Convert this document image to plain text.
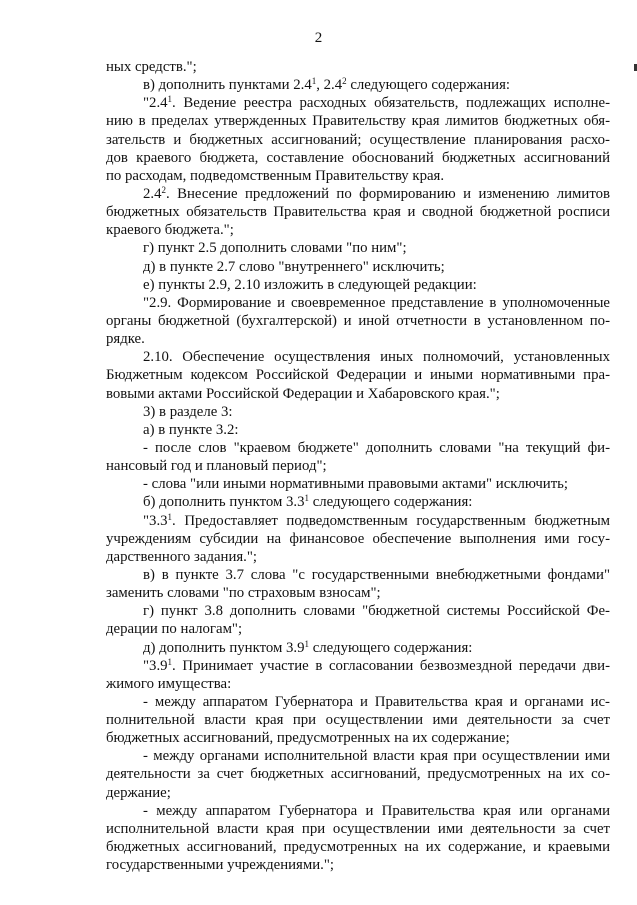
2
ных средств.";
в) дополнить пунктами $2.4^1$, $2.4^2$ следующего содержания:
"$2.4^1$. Ведение реестра расходных обязательств, подлежащих исполне-
нию в пределах утвержденных Правительству края лимитов бюджетных обя-
зательств и бюджетных ассигнований; осуществление планирования расхо-
дов краевого бюджета, составление обоснований бюджетных ассигнований
по расходам, подведомственным Правительству края.
$2.4^2$. Внесение предложений по формированию и изменению лимитов
бюджетных обязательств Правительства края и сводной бюджетной росписи
краевого бюджета.";
г) пункт 2.5 дополнить словами "по ним";
д) в пункте 2.7 слово "внутреннего" исключить;
е) пункты 2.9, 2.10 изложить в следующей редакции:
"2.9. Формирование и своевременное представление в уполномоченные
органы бюджетной (бухгалтерской) и иной отчетности в установленном по-
рядке.
2.10. Обеспечение осуществления иных полномочий, установленных
Бюджетным кодексом Российской Федерации и иными нормативными пра-
вовыми актами Российской Федерации и Хабаровского края.";
3) в разделе 3:
а) в пункте 3.2:
- после слов "краевом бюджете" дополнить словами "на текущий фи-
нансовый год и плановый период";
- слова "или иными нормативными правовыми актами" исключить;
б) дополнить пунктом $3.3^1$ следующего содержания:
"$3.3^1$. Предоставляет подведомственным государственным бюджетным
учреждениям субсидии на финансовое обеспечение выполнения ими госу-
дарственного задания.";
в) в пункте 3.7 слова "с государственными внебюджетными фондами"
заменить словами "по страховым взносам";
г) пункт 3.8 дополнить словами "бюджетной системы Российской Фе-
дерации по налогам";
д) дополнить пунктом $3.9^1$ следующего содержания:
"$3.9^1$. Принимает участие в согласовании безвозмездной передачи дви-
жимого имущества:
- между аппаратом Губернатора и Правительства края и органами ис-
полнительной власти края при осуществлении ими деятельности за счет
бюджетных ассигнований, предусмотренных на их содержание;
- между органами исполнительной власти края при осуществлении ими
деятельности за счет бюджетных ассигнований, предусмотренных на их со-
держание;
- между аппаратом Губернатора и Правительства края или органами
исполнительной власти края при осуществлении ими деятельности за счет
бюджетных ассигнований, предусмотренных на их содержание, и краевыми
государственными учреждениями.";
